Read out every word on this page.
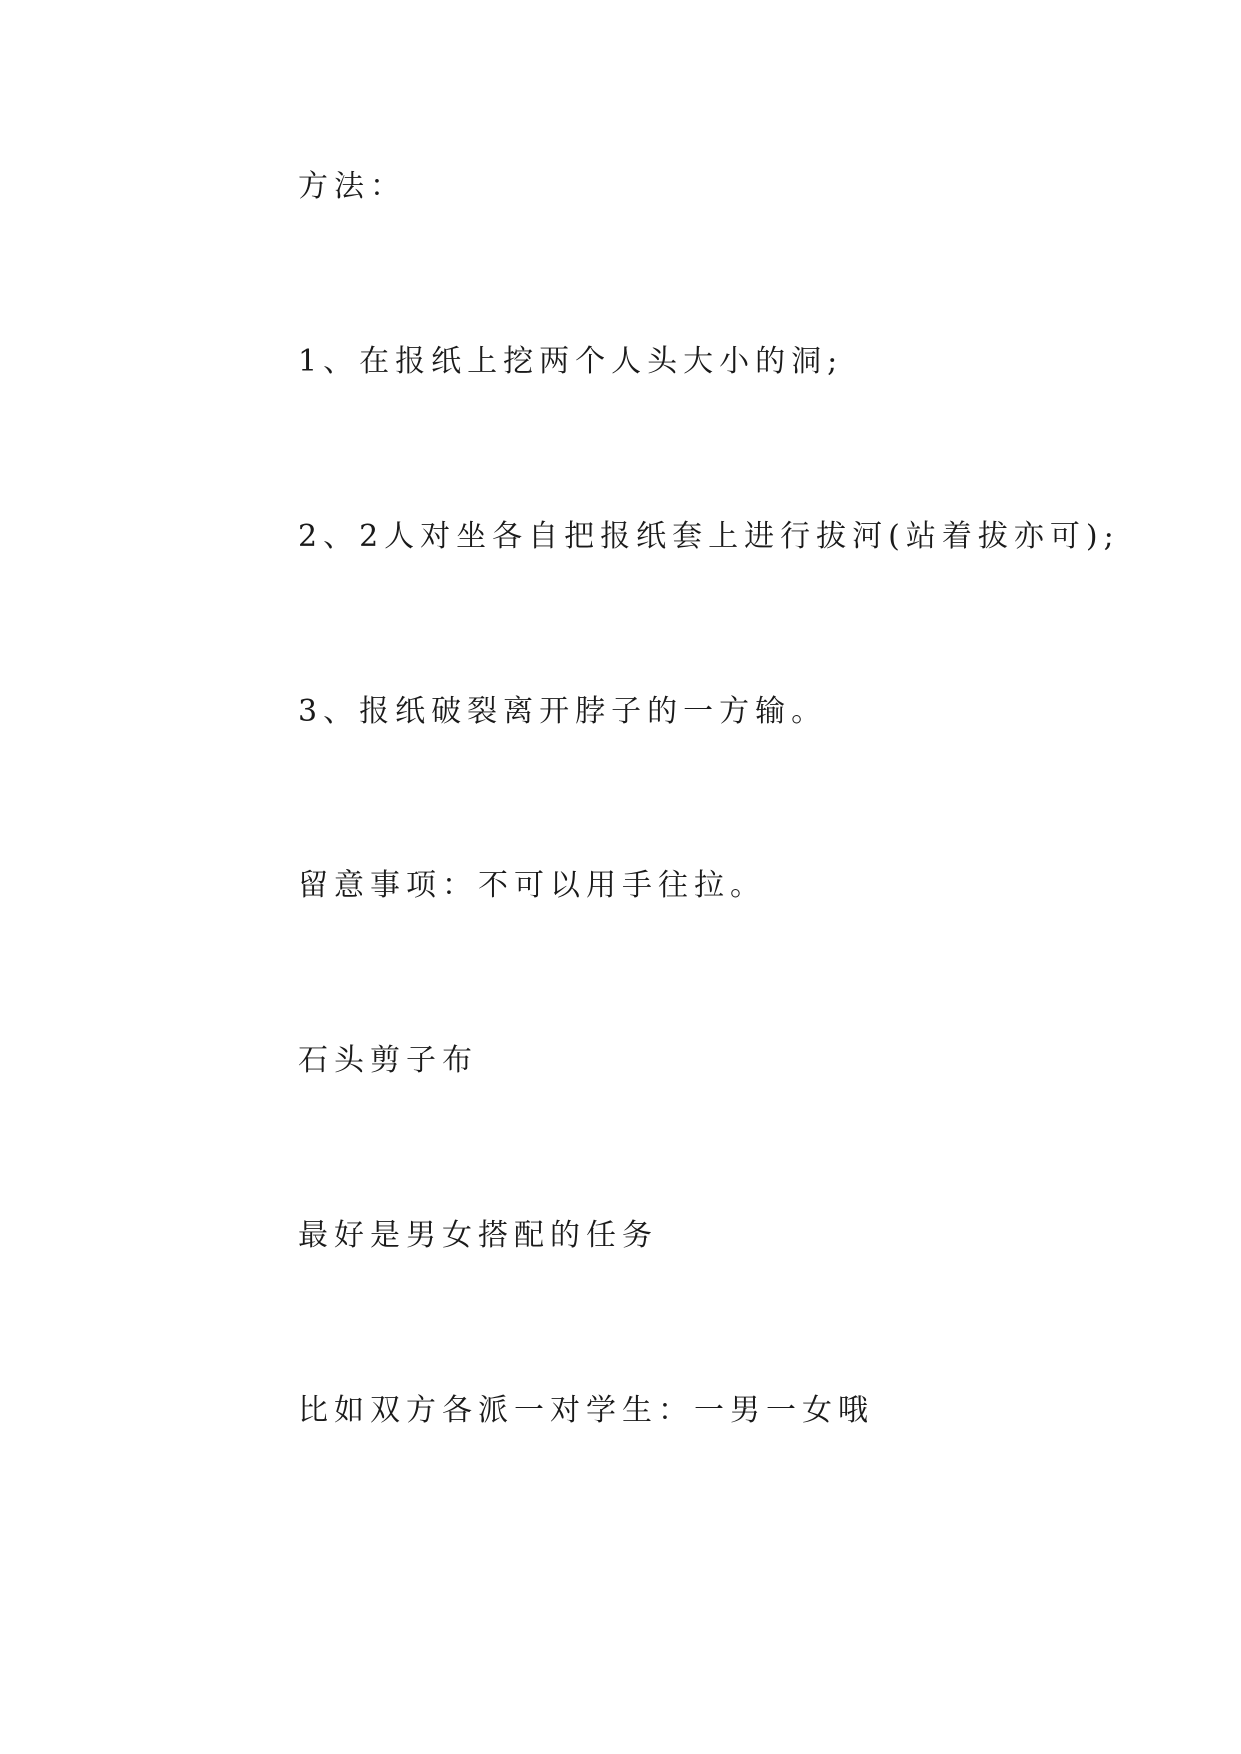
方法：
1、在报纸上挖两个人头大小的洞;
2、2人对坐各自把报纸套上进行拔河(站着拔亦可);
3、报纸破裂离开脖子的一方输。
留意事项：不可以用手往拉。
石头剪子布
最好是男女搭配的任务
比如双方各派一对学生：一男一女哦
